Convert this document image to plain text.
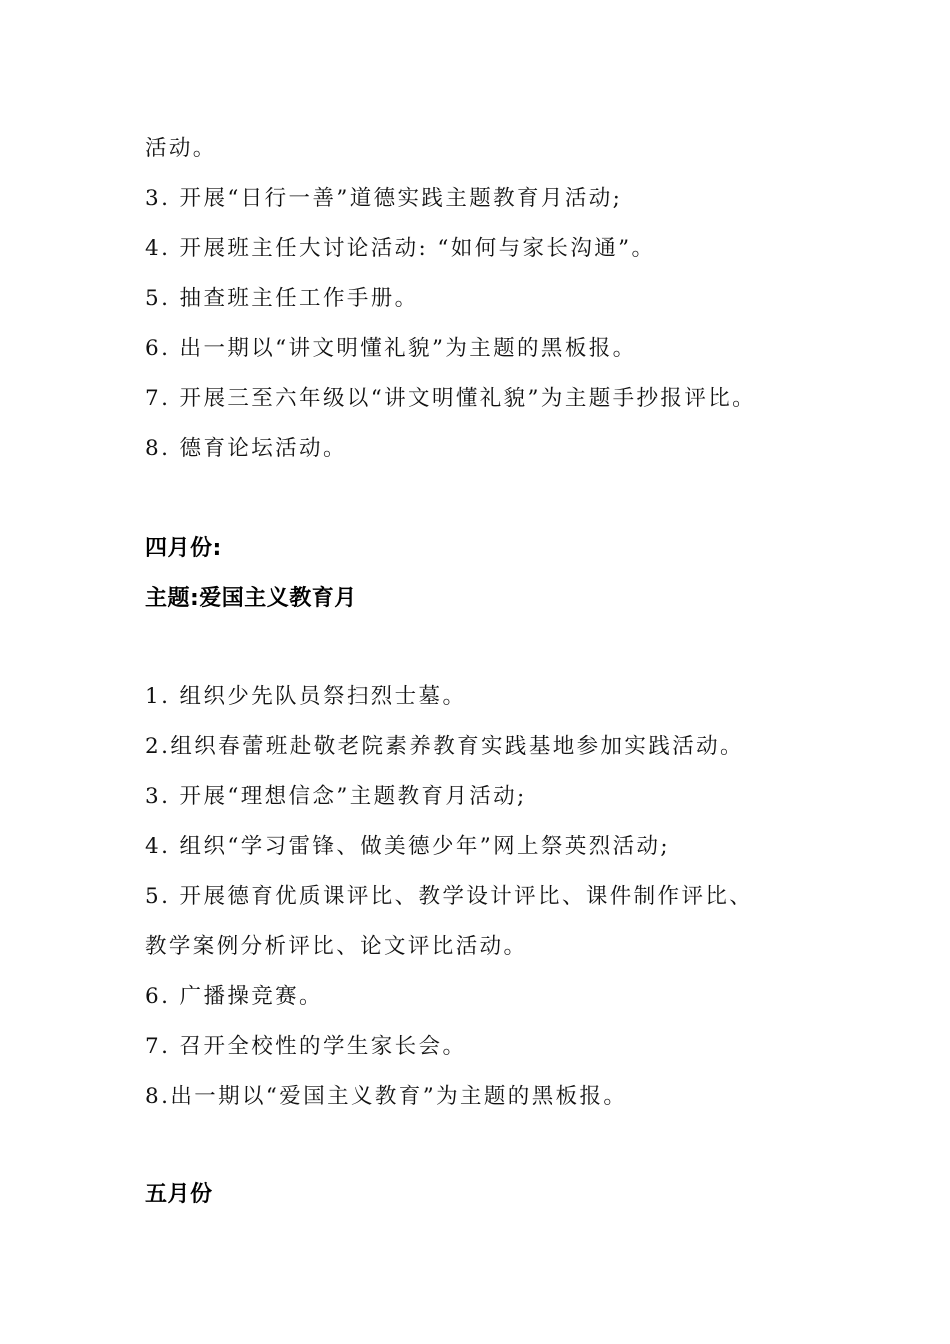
活动。
3. 开展“日行一善”道德实践主题教育月活动;
4. 开展班主任大讨论活动: “如何与家长沟通”。
5. 抽查班主任工作手册。
6. 出一期以“讲文明懂礼貌”为主题的黑板报。
7. 开展三至六年级以“讲文明懂礼貌”为主题手抄报评比。
8. 德育论坛活动。
四月份:
主题:爱国主义教育月
1. 组织少先队员祭扫烈士墓。
2.组织春蕾班赴敬老院素养教育实践基地参加实践活动。
3. 开展“理想信念”主题教育月活动;
4. 组织“学习雷锋、做美德少年”网上祭英烈活动;
5. 开展德育优质课评比、教学设计评比、课件制作评比、
教学案例分析评比、论文评比活动。
6. 广播操竞赛。
7. 召开全校性的学生家长会。
8.出一期以“爱国主义教育”为主题的黑板报。
五月份
